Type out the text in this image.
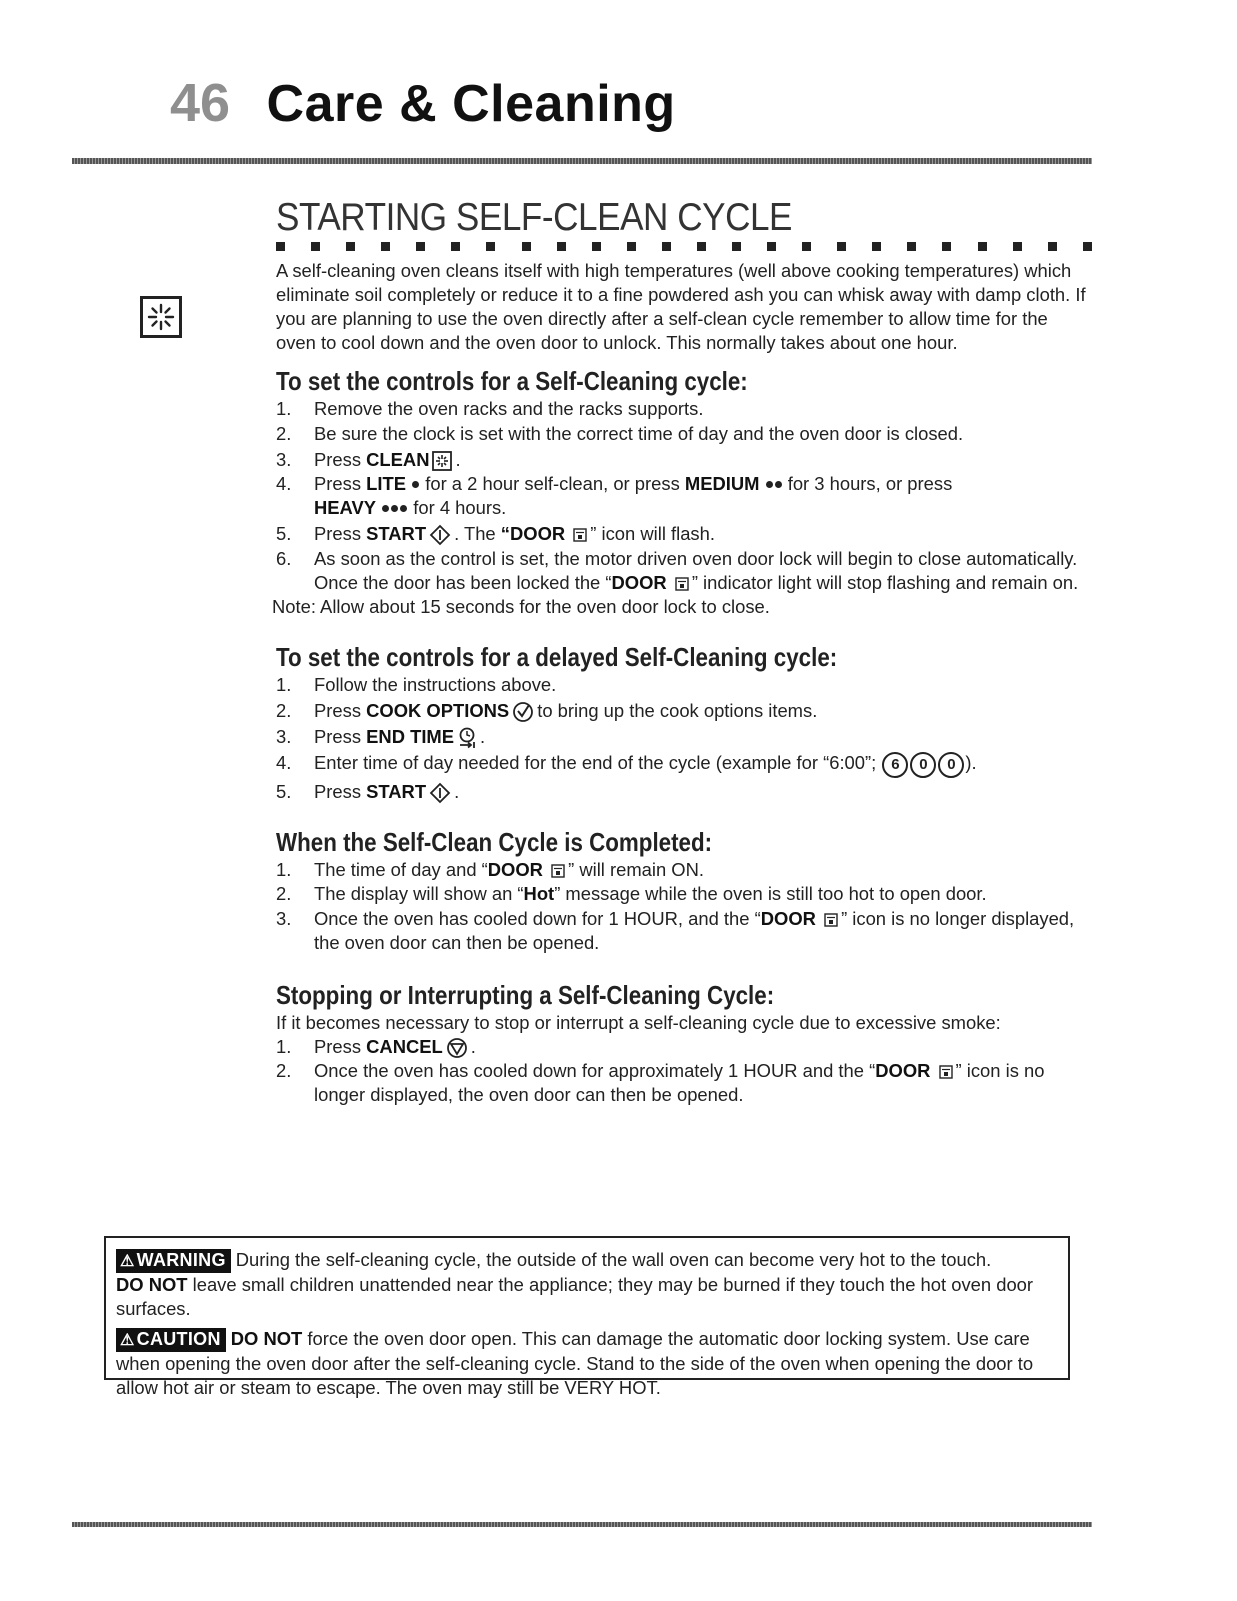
46 Care & Cleaning
STARTING SELF-CLEAN CYCLE

A self-cleaning oven cleans itself with high temperatures (well above cooking temperatures) which eliminate soil completely or reduce it to a fine powdered ash you can whisk away with damp cloth. If you are planning to use the oven directly after a self-clean cycle remember to allow time for the oven to cool down and the oven door to unlock. This normally takes about one hour.

To set the controls for a Self-Cleaning cycle:
1.	Remove the oven racks and the racks supports.
2.	Be sure the clock is set with the correct time of day and the oven door is closed.
3.	Press CLEAN .
4.	Press LITE for a 2 hour self-clean, or press MEDIUM for 3 hours, or press
HEAVY for 4 hours.
5.	Press START . The “DOOR ” icon will flash.
6.	As soon as the control is set, the motor driven oven door lock will begin to close automatically. Once the door has been locked the “DOOR ” indicator light will stop flashing and remain on.

Note: Allow about 15 seconds for the oven door lock to close.

To set the controls for a delayed Self-Cleaning cycle:
1.	Follow the instructions above.
2.	Press COOK OPTIONS to bring up the cook options items.
3.	Press END TIME .
4.	Enter time of day needed for the end of the cycle (example for “6:00”; 6 0 0 ).
5.	Press START .
When the Self-Clean Cycle is Completed:
1.	The time of day and “DOOR ” will remain ON.
2.	The display will show an “Hot” message while the oven is still too hot to open door.
3.	Once the oven has cooled down for 1 HOUR, and the “DOOR ” icon is no longer displayed, the oven door can then be opened.
Stopping or Interrupting a Self-Cleaning Cycle:

If it becomes necessary to stop or interrupt a self-cleaning cycle due to excessive smoke:

1.	Press CANCEL .
2.	Once the oven has cooled down for approximately 1 HOUR and the “DOOR ” icon is no longer displayed, the oven door can then be opened.

⚠ WARNING During the self-cleaning cycle, the outside of the wall oven can become very hot to the touch.
DO NOT leave small children unattended near the appliance; they may be burned if they touch the hot oven door surfaces.

⚠ CAUTION DO NOT force the oven door open. This can damage the automatic door locking system. Use care when opening the oven door after the self-cleaning cycle. Stand to the side of the oven when opening the door to allow hot air or steam to escape. The oven may still be VERY HOT.
